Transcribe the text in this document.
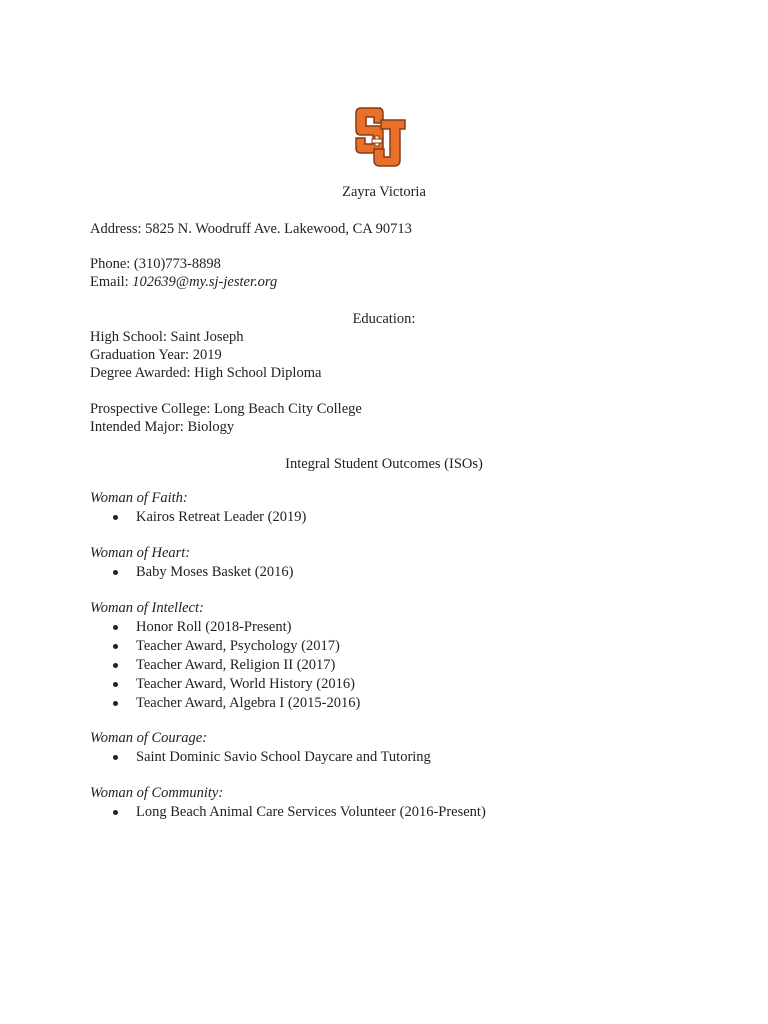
Zayra Victoria
Address: 5825 N. Woodruff Ave. Lakewood, CA 90713
Phone: (310)773-8898
Email: 102639@my.sj-jester.org
Education:
High School: Saint Joseph
Graduation Year: 2019
Degree Awarded: High School Diploma
Prospective College: Long Beach City College
Intended Major: Biology
Integral Student Outcomes (ISOs)
Woman of Faith:
Kairos Retreat Leader (2019)
Woman of Heart:
Baby Moses Basket (2016)
Woman of Intellect:
Honor Roll (2018-Present)
Teacher Award, Psychology (2017)
Teacher Award, Religion II (2017)
Teacher Award, World History (2016)
Teacher Award, Algebra I (2015-2016)
Woman of Courage:
Saint Dominic Savio School Daycare and Tutoring
Woman of Community:
Long Beach Animal Care Services Volunteer (2016-Present)
